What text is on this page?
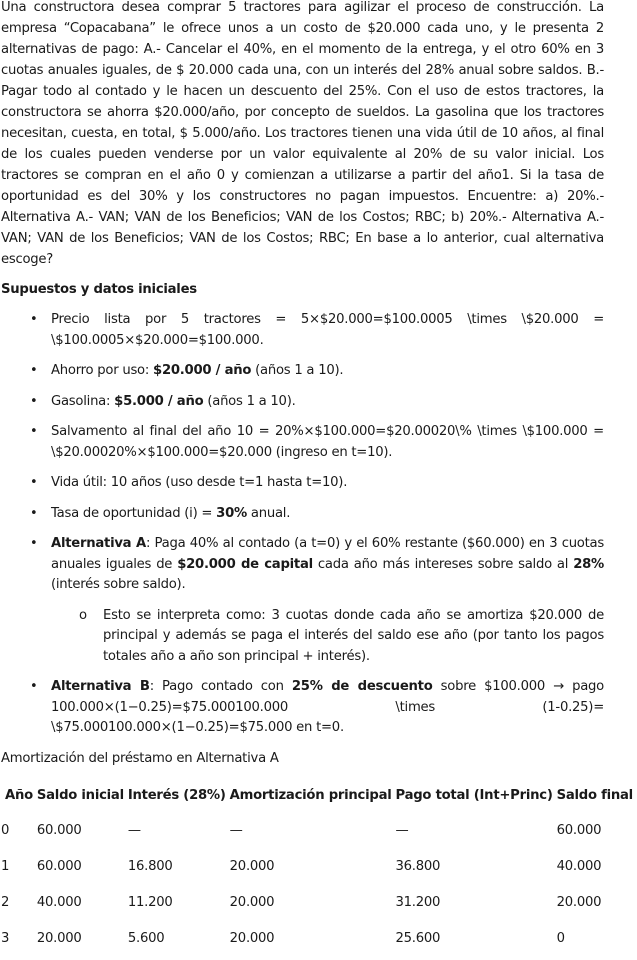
Una constructora desea comprar 5 tractores para agilizar el proceso de construcción. La empresa “Copacabana” le ofrece unos a un costo de $20.000 cada uno, y le presenta 2 alternativas de pago: A.- Cancelar el 40%, en el momento de la entrega, y el otro 60% en 3 cuotas anuales iguales, de $ 20.000 cada una, con un interés del 28% anual sobre saldos. B.- Pagar todo al contado y le hacen un descuento del 25%. Con el uso de estos tractores, la constructora se ahorra $20.000/año, por concepto de sueldos. La gasolina que los tractores necesitan, cuesta, en total, $ 5.000/año. Los tractores tienen una vida útil de 10 años, al final de los cuales pueden venderse por un valor equivalente al 20% de su valor inicial. Los tractores se compran en el año 0 y comienzan a utilizarse a partir del año1. Si la tasa de oportunidad es del 30% y los constructores no pagan impuestos. Encuentre: a) 20%.- Alternativa A.- VAN; VAN de los Beneficios; VAN de los Costos; RBC; b) 20%.- Alternativa A.- VAN; VAN de los Beneficios; VAN de los Costos; RBC; En base a lo anterior, cual alternativa escoge?

Supuestos y datos iniciales

• Precio lista por 5 tractores = 5×$20.000=$100.0005 \times \$20.000 = \$100.0005×$20.000=$100.000.
• Ahorro por uso: $20.000 / año (años 1 a 10).
• Gasolina: $5.000 / año (años 1 a 10).
• Salvamento al final del año 10 = 20%×$100.000=$20.00020\% \times \$100.000 = \$20.00020%×$100.000=$20.000 (ingreso en t=10).
• Vida útil: 10 años (uso desde t=1 hasta t=10).
• Tasa de oportunidad (i) = 30% anual.
• Alternativa A: Paga 40% al contado (a t=0) y el 60% restante ($60.000) en 3 cuotas anuales iguales de $20.000 de capital cada año más intereses sobre saldo al 28% (interés sobre saldo).
o Esto se interpreta como: 3 cuotas donde cada año se amortiza $20.000 de principal y además se paga el interés del saldo ese año (por tanto los pagos totales año a año son principal + interés).
• Alternativa B: Pago contado con 25% de descuento sobre $100.000 → pago 100.000×(1−0.25)=$75.000100.000 \times (1-0.25)= \$75.000100.000×(1−0.25)=$75.000 en t=0.

Amortización del préstamo en Alternativa A

Año	Saldo inicial	Interés (28%)	Amortización principal	Pago total (Int+Princ)	Saldo final
0	60.000	—	—	—	60.000
1	60.000	16.800	20.000	36.800	40.000
2	40.000	11.200	20.000	31.200	20.000
3	20.000	5.600	20.000	25.600	0
